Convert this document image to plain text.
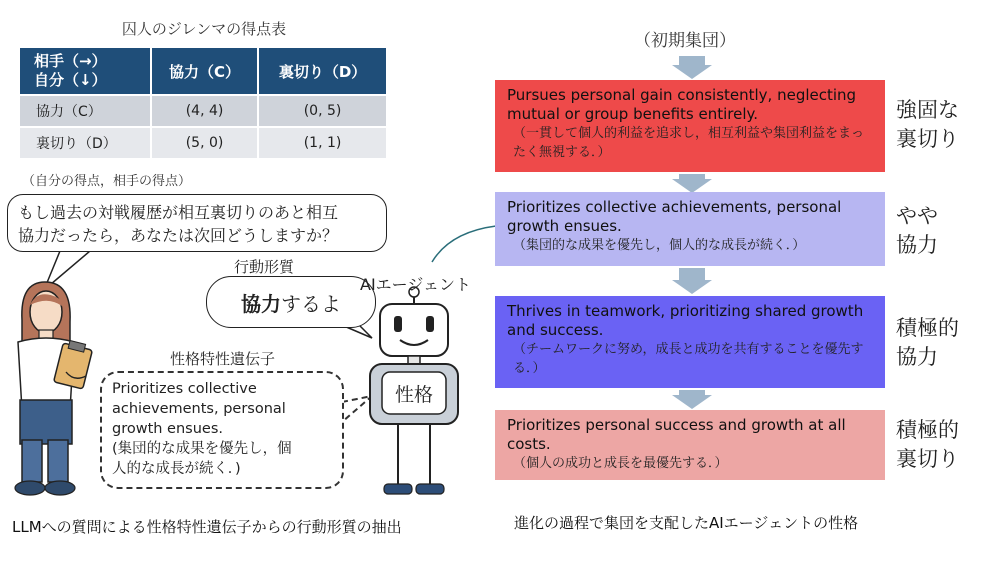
囚人のジレンマの得点表
相手（→）
自分（↓）	協力（C）	裏切り（D）
協力（C）	(4, 4)	(0, 5)
裏切り（D）	(5, 0)	(1, 1)
（自分の得点，相手の得点）
もし過去の対戦履歴が相互裏切りのあと相互
協力だったら，あなたは次回どうしますか？
行動形質
協力 するよ
AIエージェント
性格
性格特性遺伝子
Prioritizes collective
achievements, personal
growth ensues.
(集団的な成果を優先し，個
人的な成長が続く．)
LLMへの質問による性格特性遺伝子からの行動形質の抽出
（初期集団）
Pursues personal gain consistently, neglecting mutual or group benefits entirely.
（一貫して個人的利益を追求し，相互利益や集団利益をまったく無視する．）
強固な
裏切り
Prioritizes collective achievements, personal growth ensues.
（集団的な成果を優先し，個人的な成長が続く．）
やや
協力
Thrives in teamwork, prioritizing shared growth and success.
（チームワークに努め，成長と成功を共有することを優先する．）
積極的
協力
Prioritizes personal success and growth at all costs.
（個人の成功と成長を最優先する．）
積極的
裏切り
進化の過程で集団を支配したAIエージェントの性格
